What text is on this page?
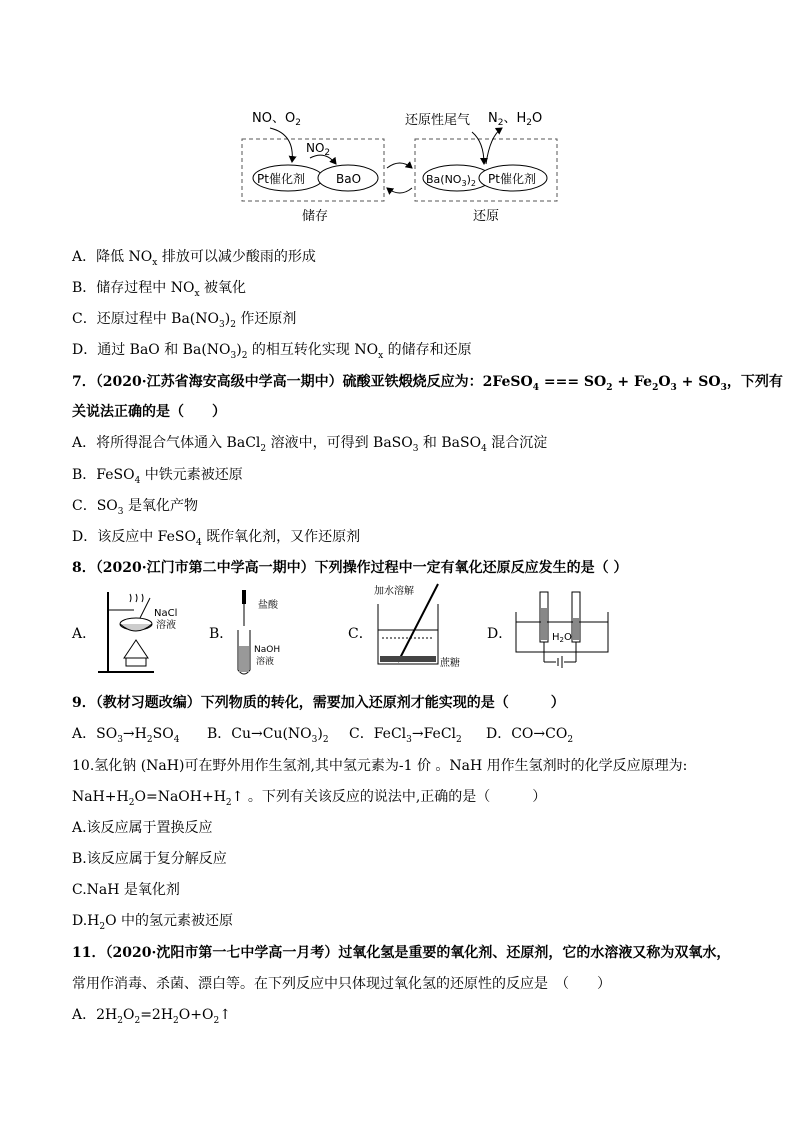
NO、$O_2$
$NO_2$
还原性尾气 $N_2$、$H_2O$
Pt催化剂	BaO	$Ba(NO_3)_2$ Pt催化剂
储存	还原
A．降低 $NO_x$ 排放可以减少酸雨的形成
B．储存过程中 $NO_x$ 被氧化
C．还原过程中 $Ba(NO_3)_2$ 作还原剂
D．通过 BaO 和 $Ba(NO_3)_2$ 的相互转化实现 $NO_x$ 的储存和还原
7．（2020·江苏省海安高级中学高一期中）硫酸亚铁煅烧反应为：2FeSO$_4$ === $SO_2 + Fe_2O_3 + SO_3$，下列有
关说法正确的是（　　）
A．将所得混合气体通入 BaCl$_2$ 溶液中，可得到 BaSO$_3$ 和 BaSO$_4$ 混合沉淀
B．FeSO$_4$ 中铁元素被还原
C．$SO_3$ 是氧化产物
D．该反应中 FeSO$_4$ 既作氧化剂，又作还原剂
8．（2020·江门市第二中学高一期中）下列操作过程中一定有氧化还原反应发生的是（ ）
A．
NaCl
溶液
B．
盐酸
NaOH
溶液
C．
加水溶解
蔗糖
D．	$H_2O$
9．（教材习题改编）下列物质的转化，需要加入还原剂才能实现的是（　　　）
A．$SO_3\to H_2SO_4$ B．$Cu\to Cu(NO_3)_2$ C．FeCl$_3$→FeCl$_2$ D．$CO\to CO_2$
10.氢化钠 (NaH)可在野外用作生氢剂,其中氢元素为-1 价 。NaH 用作生氢剂时的化学反应原理为:
$NaH+H_2O=NaOH+H_2↑$ 。下列有关该反应的说法中,正确的是（　　　）
A.该反应属于置换反应
B.该反应属于复分解反应
C.NaH 是氧化剂
$D.H_2O$ 中的氢元素被还原
11．（2020·沈阳市第一七中学高一月考）过氧化氢是重要的氧化剂、还原剂，它的水溶液又称为双氧水，
常用作消毒、杀菌、漂白等。在下列反应中只体现过氧化氢的还原性的反应是　（　　）
A．$2H_2O_2=2H_2O+O_2↑$
